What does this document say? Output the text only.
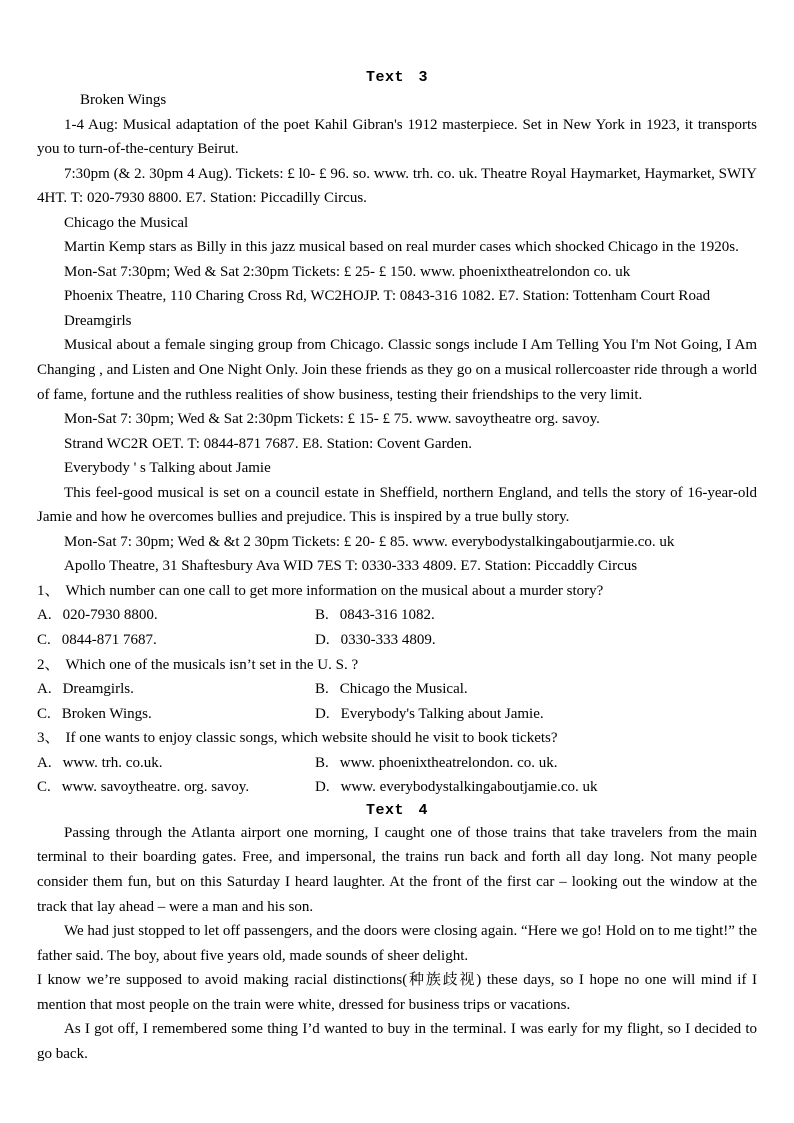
Text 3

Broken Wings

1-4 Aug: Musical adaptation of the poet Kahil Gibran's 1912 masterpiece. Set in New York in 1923, it transports you to turn-of-the-century Beirut.

7:30pm (& 2. 30pm 4 Aug). Tickets: £ l0- £ 96. so. www. trh. co. uk. Theatre Royal Haymarket, Haymarket, SWIY 4HT. T: 020-7930 8800. E7. Station: Piccadilly Circus.

Chicago the Musical

Martin Kemp stars as Billy in this jazz musical based on real murder cases which shocked Chicago in the 1920s.

Mon-Sat 7:30pm; Wed & Sat 2:30pm Tickets: £ 25- £ 150. www. phoenixtheatrelondon co. uk

Phoenix Theatre, 110 Charing Cross Rd, WC2HOJP. T: 0843-316 1082. E7. Station: Tottenham Court Road

Dreamgirls

Musical about a female singing group from Chicago. Classic songs include I Am Telling You I'm Not Going, I Am Changing , and Listen and One Night Only. Join these friends as they go on a musical rollercoaster ride through a world of fame, fortune and the ruthless realities of show business, testing their friendships to the very limit.

Mon-Sat 7: 30pm; Wed & Sat 2:30pm Tickets: £ 15- £ 75. www. savoytheatre org. savoy.

Strand WC2R OET. T: 0844-871 7687. E8. Station: Covent Garden.

Everybody ' s Talking about Jamie

This feel-good musical is set on a council estate in Sheffield, northern England, and tells the story of 16-year-old Jamie and how he overcomes bullies and prejudice. This is inspired by a true bully story.

Mon-Sat 7: 30pm; Wed & &t 2 30pm Tickets: £ 20- £ 85. www. everybodystalkingaboutjarmie.co. uk

Apollo Theatre, 31 Shaftesbury Ava WID 7ES T: 0330-333 4809. E7. Station: Piccaddly Circus

1、 Which number can one call to get more information on the musical about a murder story?

A. 020-7930 8800.	B. 0843-316 1082.
C. 0844-871 7687.	D. 0330-333 4809.

2、 Which one of the musicals isn’t set in the U. S. ?

A. Dreamgirls.	B. Chicago the Musical.
C. Broken Wings.	D. Everybody's Talking about Jamie.

3、 If one wants to enjoy classic songs, which website should he visit to book tickets?

A. www. trh. co.uk.	B. www. phoenixtheatrelondon. co. uk.
C. www. savoytheatre. org. savoy.	D. www. everybodystalkingaboutjamie.co. uk
Text 4

Passing through the Atlanta airport one morning, I caught one of those trains that take travelers from the main terminal to their boarding gates. Free, and impersonal, the trains run back and forth all day long. Not many people consider them fun, but on this Saturday I heard laughter. At the front of the first car – looking out the window at the track that lay ahead – were a man and his son.

We had just stopped to let off passengers, and the doors were closing again. “Here we go! Hold on to me tight!” the father said. The boy, about five years old, made sounds of sheer delight.

I know we’re supposed to avoid making racial distinctions(种族歧视) these days, so I hope no one will mind if I mention that most people on the train were white, dressed for business trips or vacations.

As I got off, I remembered some thing I’d wanted to buy in the terminal. I was early for my flight, so I decided to go back.
